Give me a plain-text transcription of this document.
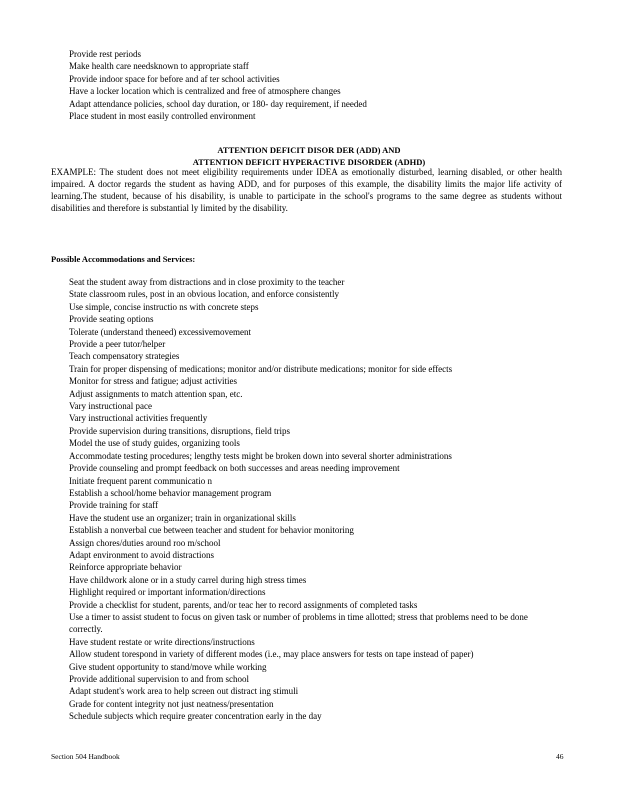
Provide rest periods
Make health care needsknown to appropriate staff
Provide indoor space for before and af ter school activities
Have a locker location which is centralized and free of atmosphere changes
Adapt attendance policies, school day duration, or 180- day requirement, if needed
Place student in most easily controlled environment
ATTENTION DEFICIT DISOR DER (ADD) AND
ATTENTION DEFICIT HYPERACTIVE DISORDER (ADHD)

EXAMPLE: The student does not meet eligibility requirements under IDEA as emotionally disturbed, learning disabled, or other health impaired. A doctor regards the student as having ADD, and for purposes of this example, the disability limits the major life activity of learning.The student, because of his disability, is unable to participate in the school's programs to the same degree as students without disabilities and therefore is substantial ly limited by the disability.

Possible Accommodations and Services:
Seat the student away from distractions and in close proximity to the teacher
State classroom rules, post in an obvious location, and enforce consistently
Use simple, concise instructio ns with concrete steps
Provide seating options
Tolerate (understand theneed) excessivemovement
Provide a peer tutor/helper
Teach compensatory strategies
Train for proper dispensing of medications; monitor and/or distribute medications; monitor for side effects
Monitor for stress and fatigue; adjust activities
Adjust assignments to match attention span, etc.
Vary instructional pace
Vary instructional activities frequently
Provide supervision during transitions, disruptions, field trips
Model the use of study guides, organizing tools
Accommodate testing procedures; lengthy tests might be broken down into several shorter administrations
Provide counseling and prompt feedback on both successes and areas needing improvement
Initiate frequent parent communicatio n
Establish a school/home behavior management program
Provide training for staff
Have the student use an organizer; train in organizational skills
Establish a nonverbal cue between teacher and student for behavior monitoring
Assign chores/duties around roo m/school
Adapt environment to avoid distractions
Reinforce appropriate behavior
Have childwork alone or in a study carrel during high stress times
Highlight required or important information/directions
Provide a checklist for student, parents, and/or teac her to record assignments of completed tasks
Use a timer to assist student to focus on given task or number of problems in time allotted; stress that problems need to be done correctly.
Have student restate or write directions/instructions
Allow student torespond in variety of different modes (i.e., may place answers for tests on tape instead of paper)
Give student opportunity to stand/move while working
Provide additional supervision to and from school
Adapt student's work area to help screen out distract ing stimuli
Grade for content integrity not just neatness/presentation
Schedule subjects which require greater concentration early in the day
Section 504 Handbook	46
